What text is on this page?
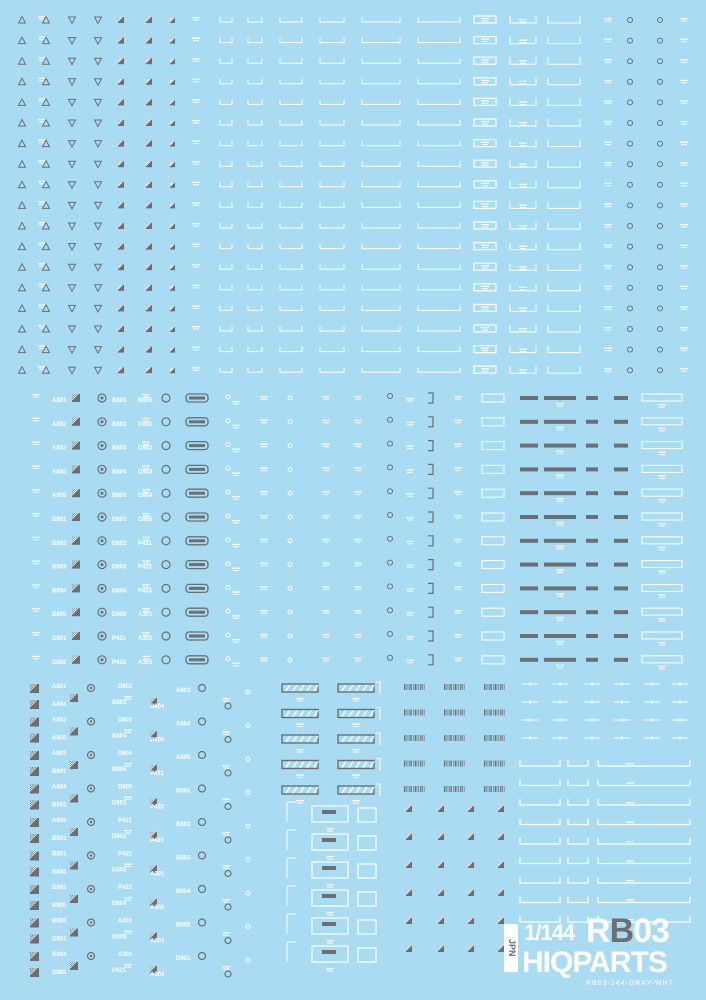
A801	B801 B805
A802	B802 D801
A803	B803 D802
A804	B804 D803
A805	B805 D804
B801	D801 D805
B802	D802 P421
B803	D803 P422
B804	D804 P423
B805	D805 A301
D801	P421 A302
D802	P422 A303
A801
A804	B803
D802
A803
D804
A802
A805	B804
D803
A804
D805
A803
B801	B805
D804
A805
P421
A804
B802	D801
D805
B801
P422
A805
B803	D802
P421
B802
P423
B801
B804	D803
P422
B803
A301
B802
B805	D804
P423
B804
A302
B803
D801	D805
A301
B805
A303
B804
D802	P421
A302
D801
A304
JPN
1/144 RB03
HIQPARTS
RB03-144-GRAY-WHT
